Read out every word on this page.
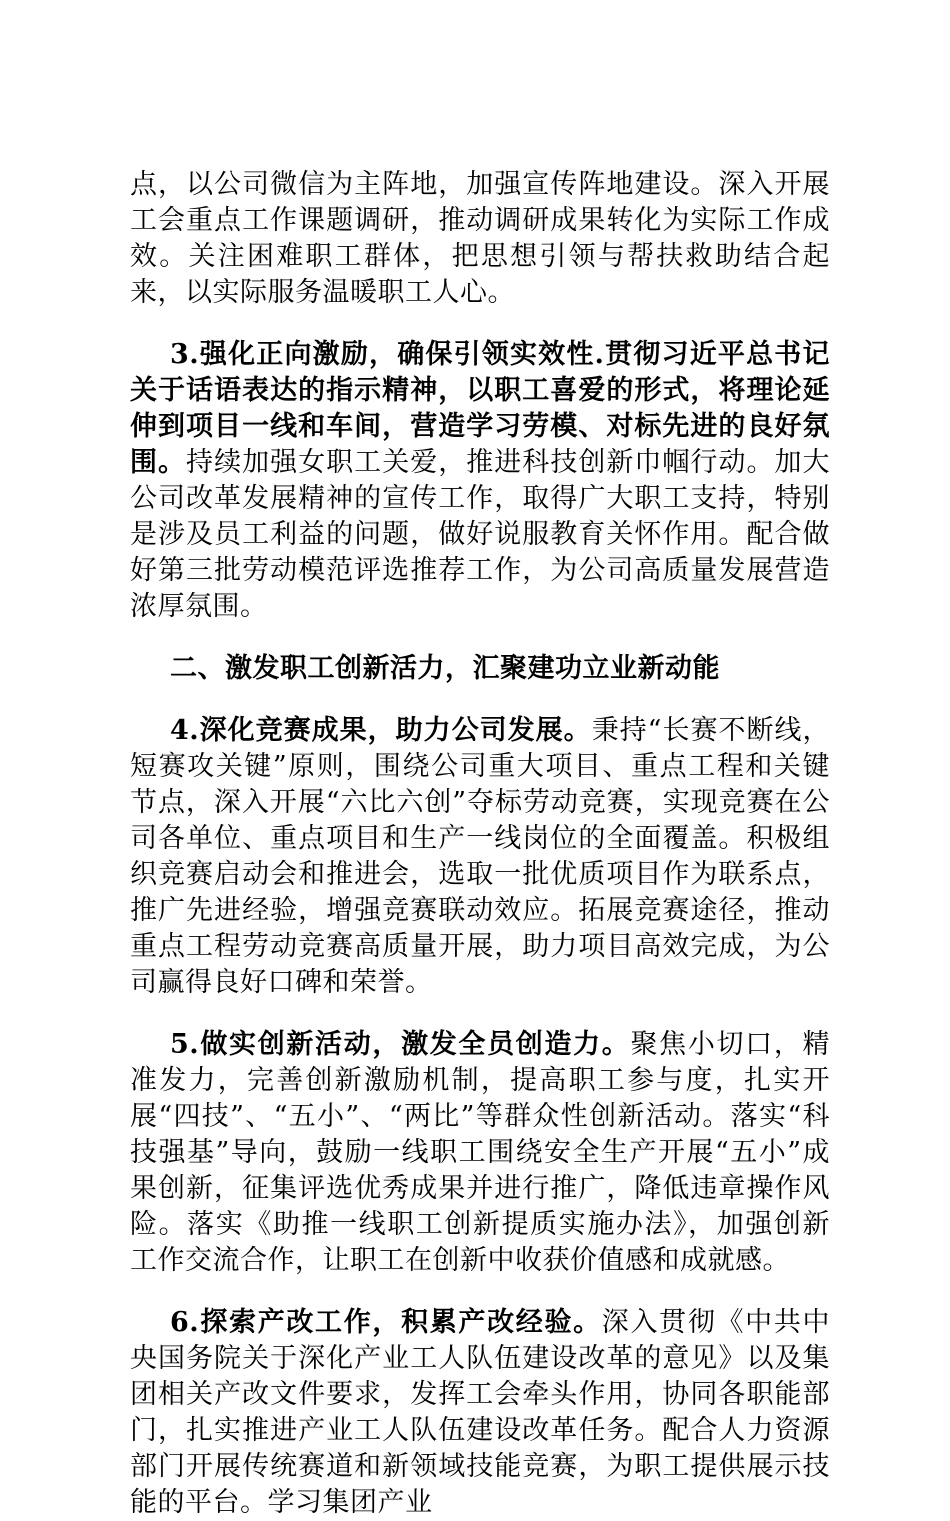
点，以公司微信为主阵地，加强宣传阵地建设。深入开展工会重点工作课题调研，推动调研成果转化为实际工作成效。关注困难职工群体，把思想引领与帮扶救助结合起来，以实际服务温暖职工人心。

3.强化正向激励，确保引领实效性.贯彻习近平总书记关于话语表达的指示精神，以职工喜爱的形式，将理论延伸到项目一线和车间，营造学习劳模、对标先进的良好氛围。持续加强女职工关爱，推进科技创新巾帼行动。加大公司改革发展精神的宣传工作，取得广大职工支持，特别是涉及员工利益的问题，做好说服教育关怀作用。配合做好第三批劳动模范评选推荐工作，为公司高质量发展营造浓厚氛围。

二、激发职工创新活力，汇聚建功立业新动能

4.深化竞赛成果，助力公司发展。秉持“长赛不断线，短赛攻关键”原则，围绕公司重大项目、重点工程和关键节点，深入开展“六比六创”夺标劳动竞赛，实现竞赛在公司各单位、重点项目和生产一线岗位的全面覆盖。积极组织竞赛启动会和推进会，选取一批优质项目作为联系点，推广先进经验，增强竞赛联动效应。拓展竞赛途径，推动重点工程劳动竞赛高质量开展，助力项目高效完成，为公司赢得良好口碑和荣誉。

5.做实创新活动，激发全员创造力。聚焦小切口，精准发力，完善创新激励机制，提高职工参与度，扎实开展“四技”、“五小”、“两比”等群众性创新活动。落实“科技强基”导向，鼓励一线职工围绕安全生产开展“五小”成果创新，征集评选优秀成果并进行推广，降低违章操作风险。落实《助推一线职工创新提质实施办法》，加强创新工作交流合作，让职工在创新中收获价值感和成就感。

6.探索产改工作，积累产改经验。深入贯彻《中共中央国务院关于深化产业工人队伍建设改革的意见》以及集团相关产改文件要求，发挥工会牵头作用，协同各职能部门，扎实推进产业工人队伍建设改革任务。配合人力资源部门开展传统赛道和新领域技能竞赛，为职工提供展示技能的平台。学习集团产业
